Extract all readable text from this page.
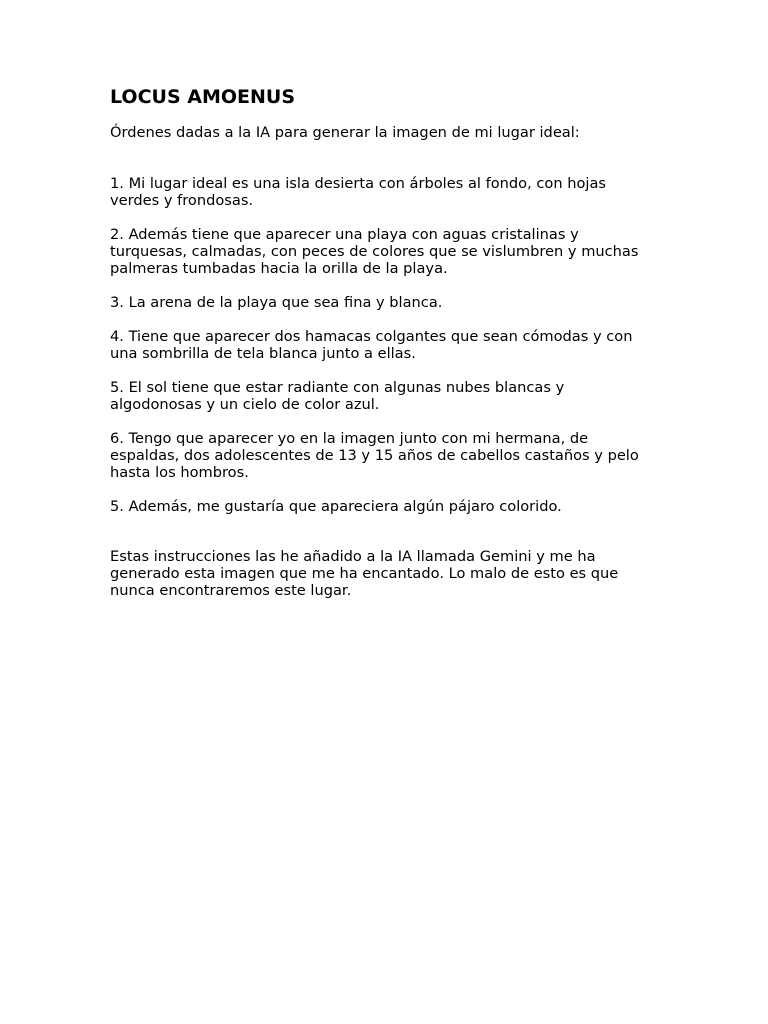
LOCUS AMOENUS

Órdenes dadas a la IA para generar la imagen de mi lugar ideal:

1. Mi lugar ideal es una isla desierta con árboles al fondo, con hojas verdes y frondosas.
2. Además tiene que aparecer una playa con aguas cristalinas y turquesas, calmadas, con peces de colores que se vislumbren y muchas palmeras tumbadas hacia la orilla de la playa.
3. La arena de la playa que sea fina y blanca.
4. Tiene que aparecer dos hamacas colgantes que sean cómodas y con una sombrilla de tela blanca junto a ellas.
5. El sol tiene que estar radiante con algunas nubes blancas y algodonosas y un cielo de color azul.
6. Tengo que aparecer yo en la imagen junto con mi hermana, de espaldas, dos adolescentes de 13 y 15 años de cabellos castaños y pelo hasta los hombros.
5. Además, me gustaría que apareciera algún pájaro colorido.

Estas instrucciones las he añadido a la IA llamada Gemini y me ha generado esta imagen que me ha encantado. Lo malo de esto es que nunca encontraremos este lugar.
